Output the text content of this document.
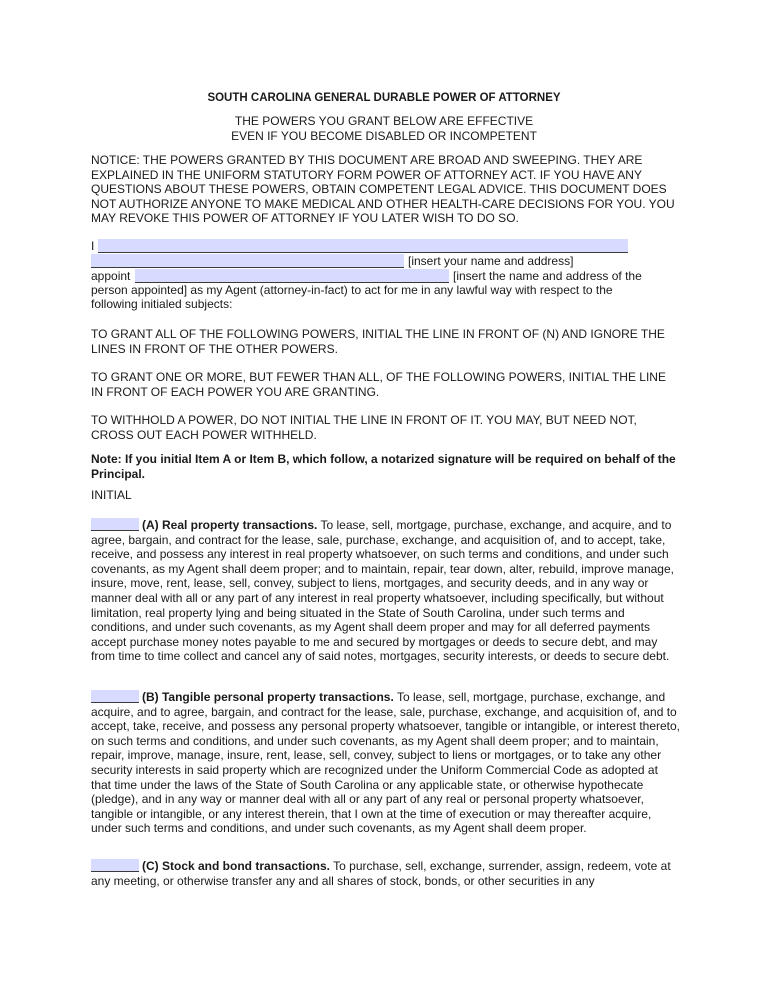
SOUTH CAROLINA GENERAL DURABLE POWER OF ATTORNEY
THE POWERS YOU GRANT BELOW ARE EFFECTIVE
EVEN IF YOU BECOME DISABLED OR INCOMPETENT

NOTICE: THE POWERS GRANTED BY THIS DOCUMENT ARE BROAD AND SWEEPING. THEY ARE EXPLAINED IN THE UNIFORM STATUTORY FORM POWER OF ATTORNEY ACT. IF YOU HAVE ANY QUESTIONS ABOUT THESE POWERS, OBTAIN COMPETENT LEGAL ADVICE. THIS DOCUMENT DOES NOT AUTHORIZE ANYONE TO MAKE MEDICAL AND OTHER HEALTH-CARE DECISIONS FOR YOU. YOU MAY REVOKE THIS POWER OF ATTORNEY IF YOU LATER WISH TO DO SO.

I
[insert your name and address]
appoint	[insert the name and address of the
person appointed] as my Agent (attorney-in-fact) to act for me in any lawful way with respect to the
following initialed subjects:

TO GRANT ALL OF THE FOLLOWING POWERS, INITIAL THE LINE IN FRONT OF (N) AND IGNORE THE LINES IN FRONT OF THE OTHER POWERS.

TO GRANT ONE OR MORE, BUT FEWER THAN ALL, OF THE FOLLOWING POWERS, INITIAL THE LINE IN FRONT OF EACH POWER YOU ARE GRANTING.

TO WITHHOLD A POWER, DO NOT INITIAL THE LINE IN FRONT OF IT. YOU MAY, BUT NEED NOT, CROSS OUT EACH POWER WITHHELD.

Note: If you initial Item A or Item B, which follow, a notarized signature will be required on behalf of the Principal.

INITIAL

(A) Real property transactions. To lease, sell, mortgage, purchase, exchange, and acquire, and to agree, bargain, and contract for the lease, sale, purchase, exchange, and acquisition of, and to accept, take, receive, and possess any interest in real property whatsoever, on such terms and conditions, and under such covenants, as my Agent shall deem proper; and to maintain, repair, tear down, alter, rebuild, improve manage, insure, move, rent, lease, sell, convey, subject to liens, mortgages, and security deeds, and in any way or manner deal with all or any part of any interest in real property whatsoever, including specifically, but without limitation, real property lying and being situated in the State of South Carolina, under such terms and conditions, and under such covenants, as my Agent shall deem proper and may for all deferred payments accept purchase money notes payable to me and secured by mortgages or deeds to secure debt, and may from time to time collect and cancel any of said notes, mortgages, security interests, or deeds to secure debt.

(B) Tangible personal property transactions. To lease, sell, mortgage, purchase, exchange, and acquire, and to agree, bargain, and contract for the lease, sale, purchase, exchange, and acquisition of, and to accept, take, receive, and possess any personal property whatsoever, tangible or intangible, or interest thereto, on such terms and conditions, and under such covenants, as my Agent shall deem proper; and to maintain, repair, improve, manage, insure, rent, lease, sell, convey, subject to liens or mortgages, or to take any other security interests in said property which are recognized under the Uniform Commercial Code as adopted at that time under the laws of the State of South Carolina or any applicable state, or otherwise hypothecate (pledge), and in any way or manner deal with all or any part of any real or personal property whatsoever, tangible or intangible, or any interest therein, that I own at the time of execution or may thereafter acquire, under such terms and conditions, and under such covenants, as my Agent shall deem proper.

(C) Stock and bond transactions. To purchase, sell, exchange, surrender, assign, redeem, vote at any meeting, or otherwise transfer any and all shares of stock, bonds, or other securities in any
